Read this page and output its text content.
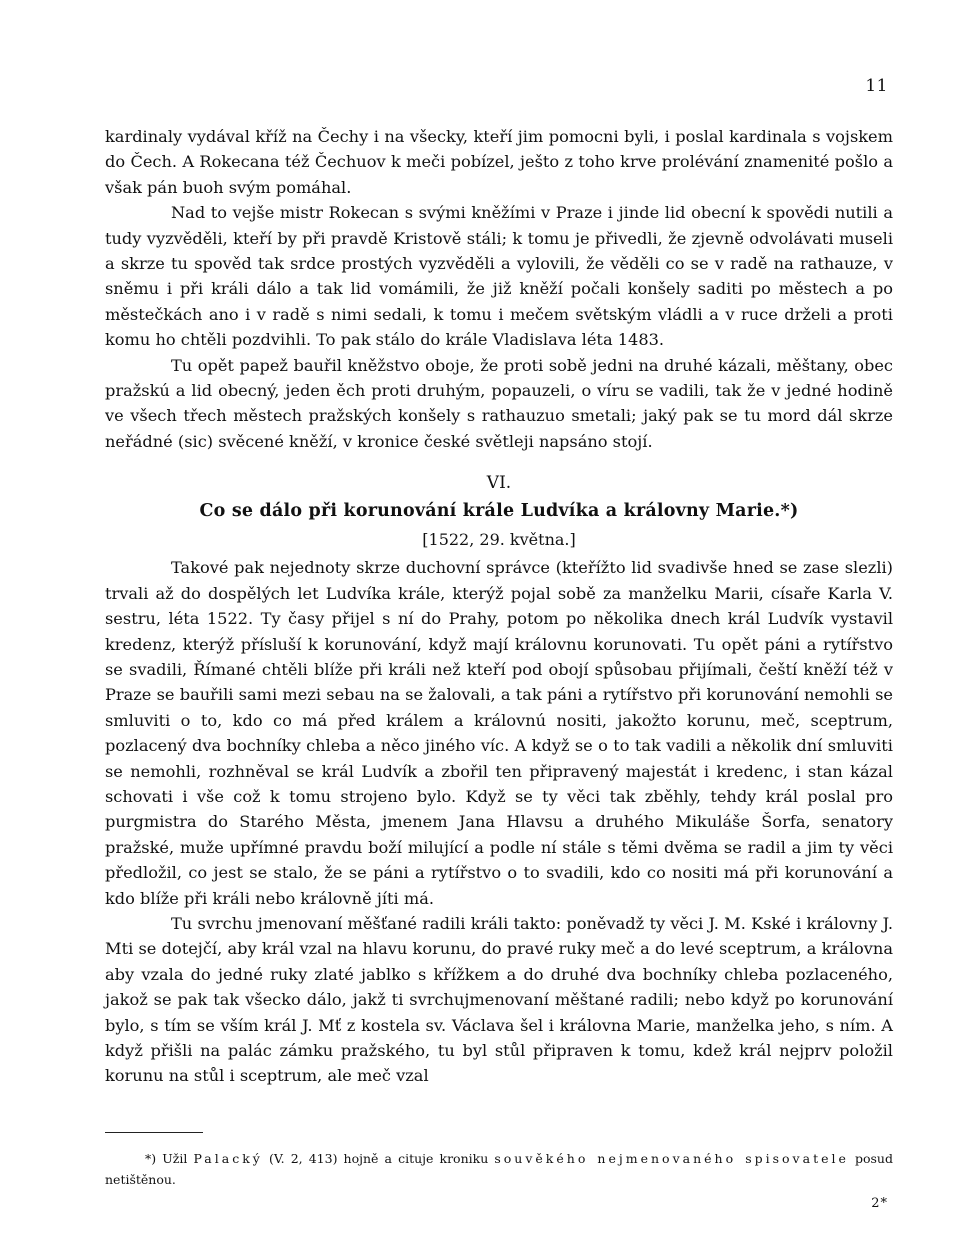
11

kardinaly vydával kříž na Čechy i na všecky, kteří jim pomocni byli, i poslal kardinala s vojskem do Čech. A Rokecana též Čechuov k meči pobízel, ješto z toho krve prolévání znamenité pošlo a však pán buoh svým pomáhal.

Nad to vejše mistr Rokecan s svými kněžími v Praze i jinde lid obecní k spovědi nutili a tudy vyzvěděli, kteří by při pravdě Kristově stáli; k tomu je přivedli, že zjevně odvolávati museli a skrze tu spověd tak srdce prostých vyzvěděli a vylovili, že věděli co se v radě na rathauze, v sněmu i při králi dálo a tak lid vomámili, že již kněží počali konšely saditi po městech a po městečkách ano i v radě s nimi sedali, k tomu i mečem světským vládli a v ruce drželi a proti komu ho chtěli pozdvihli. To pak stálo do krále Vladislava léta 1483.

Tu opět papež bauřil kněžstvo oboje, že proti sobě jedni na druhé kázali, měštany, obec pražskú a lid obecný, jeden ěch proti druhým, popauzeli, o víru se vadili, tak že v jedné hodině ve všech třech městech pražských konšely s rathauzuo smetali; jaký pak se tu mord dál skrze neřádné (sic) svěcené kněží, v kronice české světleji napsáno stojí.

VI.
Co se dálo při korunování krále Ludvíka a královny Marie.*)
[1522, 29. května.]

Takové pak nejednoty skrze duchovní správce (kteřížto lid svadivše hned se zase slezli) trvali až do dospělých let Ludvíka krále, kterýž pojal sobě za manželku Marii, císaře Karla V. sestru, léta 1522. Ty časy přijel s ní do Prahy, potom po několika dnech král Ludvík vystavil kredenz, kterýž přísluší k korunování, když mají královnu korunovati. Tu opět páni a rytířstvo se svadili, Římané chtěli blíže při králi než kteří pod obojí spůsobau přijímali, čeští kněží též v Praze se bauřili sami mezi sebau na se žalovali, a tak páni a rytířstvo při korunování nemohli se smluviti o to, kdo co má před králem a královnú nositi, jakožto korunu, meč, sceptrum, pozlacený dva bochníky chleba a něco jiného víc. A když se o to tak vadili a několik dní smluviti se nemohli, rozhněval se král Ludvík a zbořil ten připravený majestát i kredenc, i stan kázal schovati i vše což k tomu strojeno bylo. Když se ty věci tak zběhly, tehdy král poslal pro purgmistra do Starého Města, jmenem Jana Hlavsu a druhého Mikuláše Šorfa, senatory pražské, muže upřímné pravdu boží milující a podle ní stále s těmi dvěma se radil a jim ty věci předložil, co jest se stalo, že se páni a rytířstvo o to svadili, kdo co nositi má při korunování a kdo blíže při králi nebo královně jíti má.

Tu svrchu jmenovaní měšťané radili králi takto: poněvadž ty věci J. M. Kské i královny J. Mti se dotejčí, aby král vzal na hlavu korunu, do pravé ruky meč a do levé sceptrum, a královna aby vzala do jedné ruky zlaté jablko s křížkem a do druhé dva bochníky chleba pozlaceného, jakož se pak tak všecko dálo, jakž ti svrchujmenovaní měštané radili; nebo když po korunování bylo, s tím se vším král J. Mť z kostela sv. Václava šel i královna Marie, manželka jeho, s ním. A když přišli na palác zámku pražského, tu byl stůl připraven k tomu, kdež král nejprv položil korunu na stůl i sceptrum, ale meč vzal

*) Užil Palacký (V. 2, 413) hojně a cituje kroniku souvěkého nejmenovaného spisovatele posud netištěnou.
2*
